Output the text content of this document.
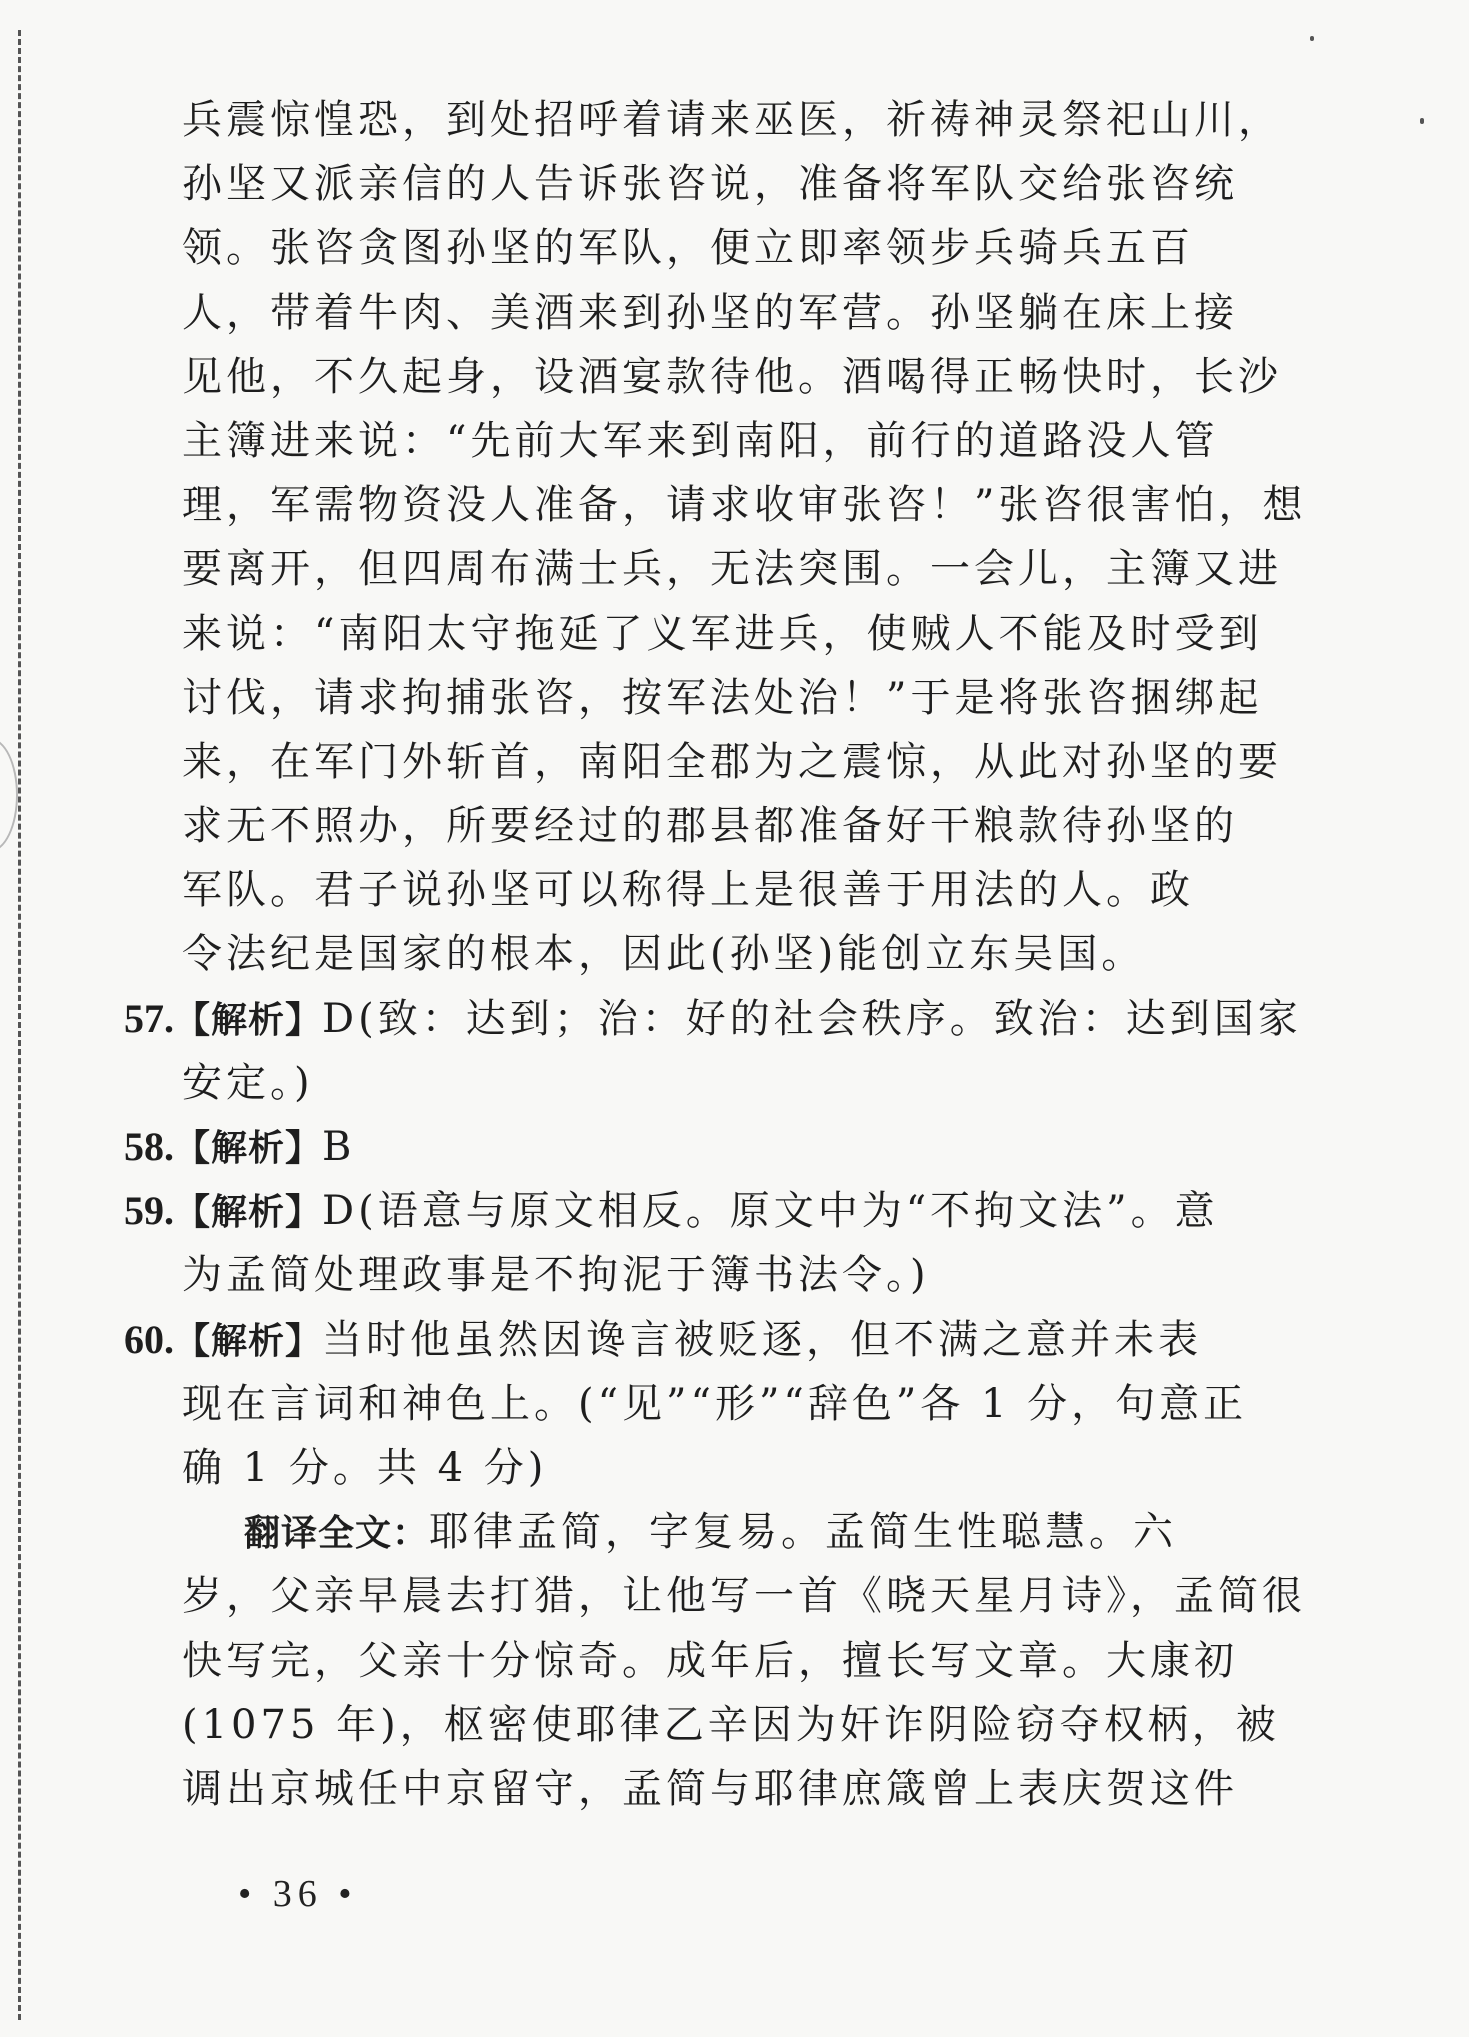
兵震惊惶恐，到处招呼着请来巫医，祈祷神灵祭祀山川，
孙坚又派亲信的人告诉张咨说，准备将军队交给张咨统
领。张咨贪图孙坚的军队，便立即率领步兵骑兵五百
人，带着牛肉、美酒来到孙坚的军营。孙坚躺在床上接
见他，不久起身，设酒宴款待他。酒喝得正畅快时，长沙
主簿进来说：“先前大军来到南阳，前行的道路没人管
理，军需物资没人准备，请求收审张咨！”张咨很害怕，想
要离开，但四周布满士兵，无法突围。一会儿，主簿又进
来说：“南阳太守拖延了义军进兵，使贼人不能及时受到
讨伐，请求拘捕张咨，按军法处治！”于是将张咨捆绑起
来，在军门外斩首，南阳全郡为之震惊，从此对孙坚的要
求无不照办，所要经过的郡县都准备好干粮款待孙坚的
军队。君子说孙坚可以称得上是很善于用法的人。政
令法纪是国家的根本，因此(孙坚)能创立东吴国。
57.【解析】D(致：达到；治：好的社会秩序。致治：达到国家
安定。)
58.【解析】B
59.【解析】D(语意与原文相反。原文中为“不拘文法”。意
为孟简处理政事是不拘泥于簿书法令。)
60.【解析】当时他虽然因谗言被贬逐，但不满之意并未表
现在言词和神色上。(“见”“形”“辞色”各 1 分，句意正
确 1 分。共 4 分)
翻译全文：耶律孟简，字复易。孟简生性聪慧。六
岁，父亲早晨去打猎，让他写一首《晓天星月诗》，孟简很
快写完，父亲十分惊奇。成年后，擅长写文章。大康初
(1075 年)，枢密使耶律乙辛因为奸诈阴险窃夺权柄，被
调出京城任中京留守，孟简与耶律庶箴曾上表庆贺这件
• 36 •
